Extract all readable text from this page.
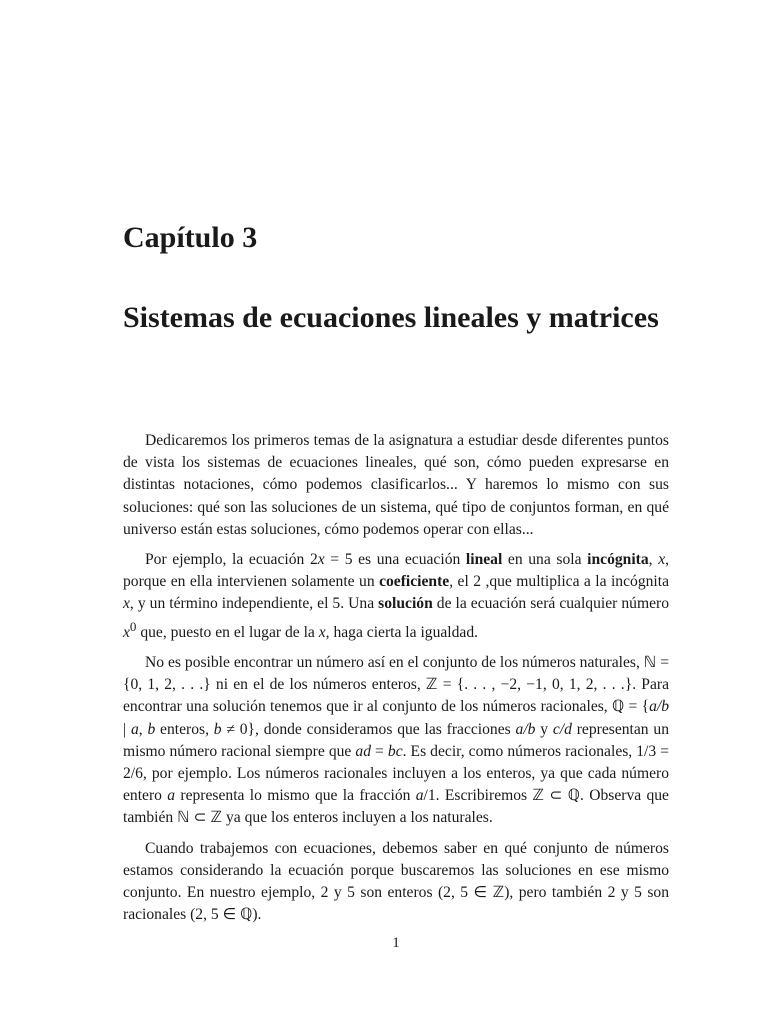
Capítulo 3
Sistemas de ecuaciones lineales y matrices

Dedicaremos los primeros temas de la asignatura a estudiar desde diferentes puntos de vista los sistemas de ecuaciones lineales, qué son, cómo pueden expresarse en distintas notaciones, cómo podemos clasificarlos... Y haremos lo mismo con sus soluciones: qué son las soluciones de un sistema, qué tipo de conjuntos forman, en qué universo están estas soluciones, cómo podemos operar con ellas...

Por ejemplo, la ecuación 2x = 5 es una ecuación lineal en una sola incógnita, x, porque en ella intervienen solamente un coeficiente, el 2 ,que multiplica a la incógnita x, y un término independiente, el 5. Una solución de la ecuación será cualquier número $x^0$ que, puesto en el lugar de la x, haga cierta la igualdad.

No es posible encontrar un número así en el conjunto de los números naturales, ℕ = {0, 1, 2, . . .} ni en el de los números enteros, ℤ = {. . . , −2, −1, 0, 1, 2, . . .}. Para encontrar una solución tenemos que ir al conjunto de los números racionales, ℚ = {a/b | a, b enteros, b ≠ 0}, donde consideramos que las fracciones a/b y c/d representan un mismo número racional siempre que ad = bc. Es decir, como números racionales, 1/3 = 2/6, por ejemplo. Los números racionales incluyen a los enteros, ya que cada número entero a representa lo mismo que la fracción a/1. Escribiremos ℤ ⊂ ℚ. Observa que también ℕ ⊂ ℤ ya que los enteros incluyen a los naturales.

Cuando trabajemos con ecuaciones, debemos saber en qué conjunto de números estamos considerando la ecuación porque buscaremos las soluciones en ese mismo conjunto. En nuestro ejemplo, 2 y 5 son enteros (2, 5 ∈ ℤ), pero también 2 y 5 son racionales (2, 5 ∈ ℚ).

1
